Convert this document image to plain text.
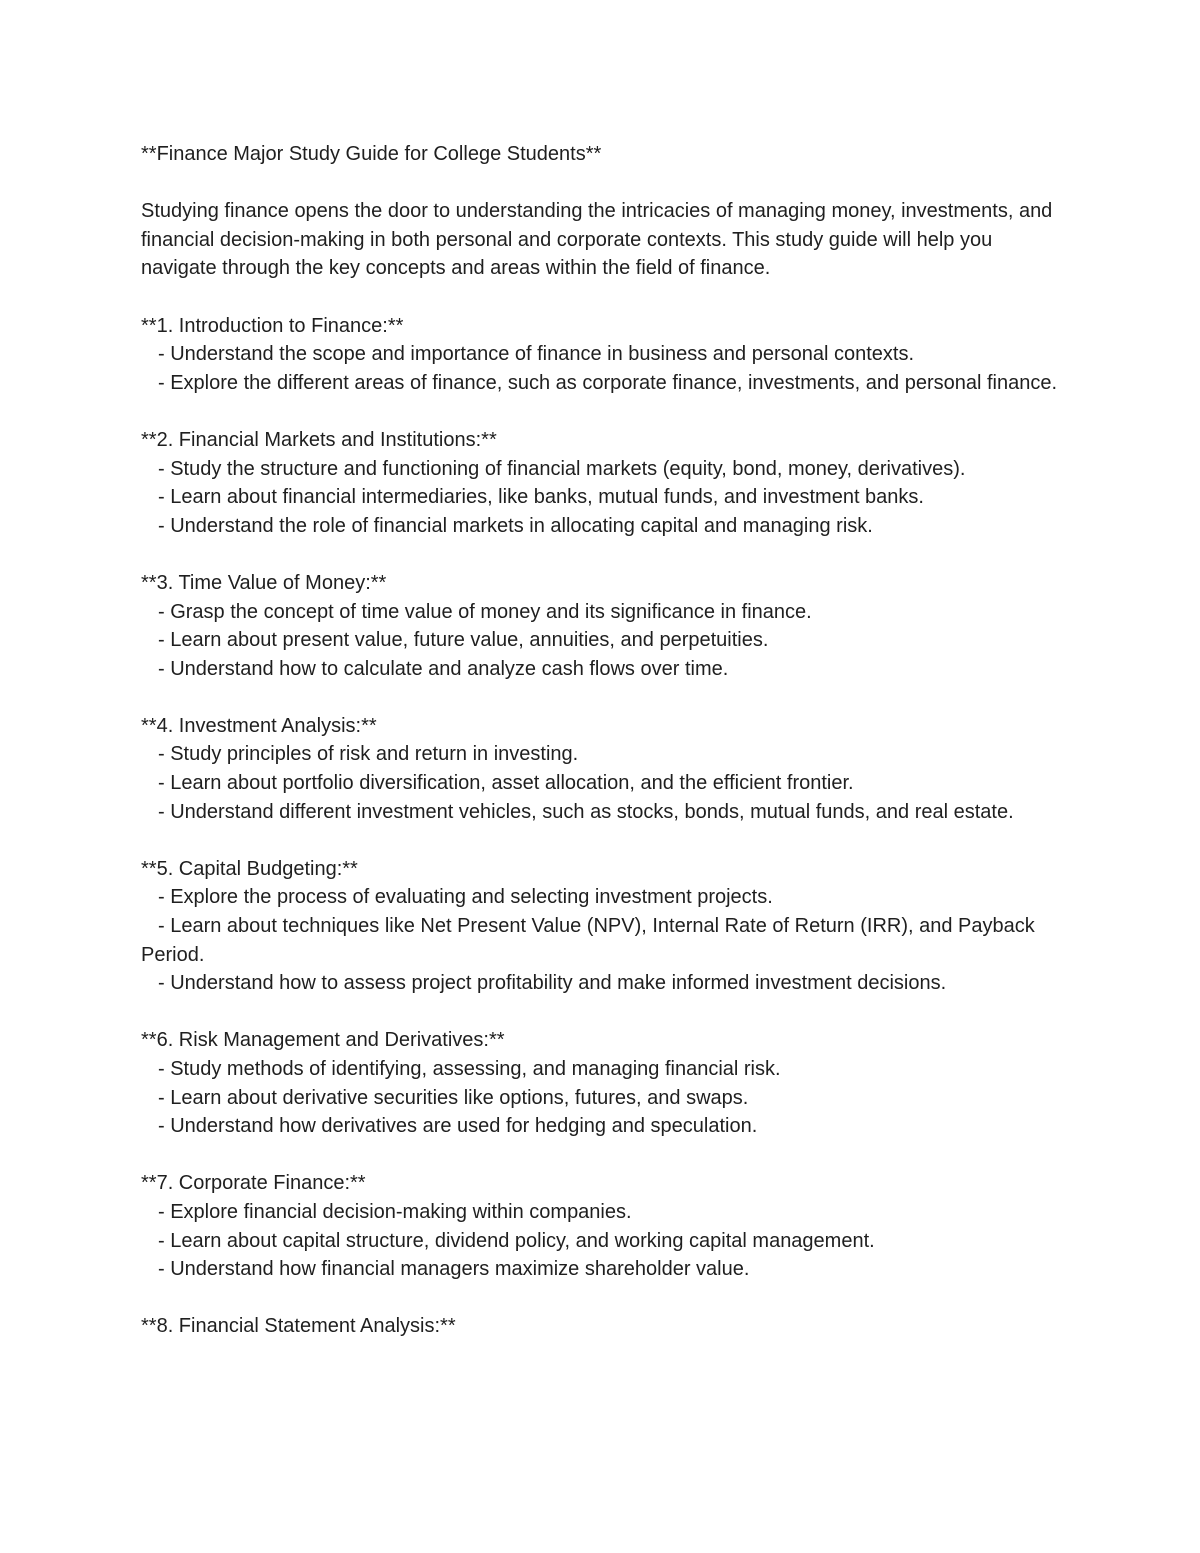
**Finance Major Study Guide for College Students**

Studying finance opens the door to understanding the intricacies of managing money, investments, and financial decision-making in both personal and corporate contexts. This study guide will help you navigate through the key concepts and areas within the field of finance.

**1. Introduction to Finance:**

- Understand the scope and importance of finance in business and personal contexts.

- Explore the different areas of finance, such as corporate finance, investments, and personal finance.

**2. Financial Markets and Institutions:**

- Study the structure and functioning of financial markets (equity, bond, money, derivatives).

- Learn about financial intermediaries, like banks, mutual funds, and investment banks.

- Understand the role of financial markets in allocating capital and managing risk.

**3. Time Value of Money:**

- Grasp the concept of time value of money and its significance in finance.

- Learn about present value, future value, annuities, and perpetuities.

- Understand how to calculate and analyze cash flows over time.

**4. Investment Analysis:**

- Study principles of risk and return in investing.

- Learn about portfolio diversification, asset allocation, and the efficient frontier.

- Understand different investment vehicles, such as stocks, bonds, mutual funds, and real estate.

**5. Capital Budgeting:**

- Explore the process of evaluating and selecting investment projects.

- Learn about techniques like Net Present Value (NPV), Internal Rate of Return (IRR), and Payback Period.

- Understand how to assess project profitability and make informed investment decisions.

**6. Risk Management and Derivatives:**

- Study methods of identifying, assessing, and managing financial risk.

- Learn about derivative securities like options, futures, and swaps.

- Understand how derivatives are used for hedging and speculation.

**7. Corporate Finance:**

- Explore financial decision-making within companies.

- Learn about capital structure, dividend policy, and working capital management.

- Understand how financial managers maximize shareholder value.

**8. Financial Statement Analysis:**
